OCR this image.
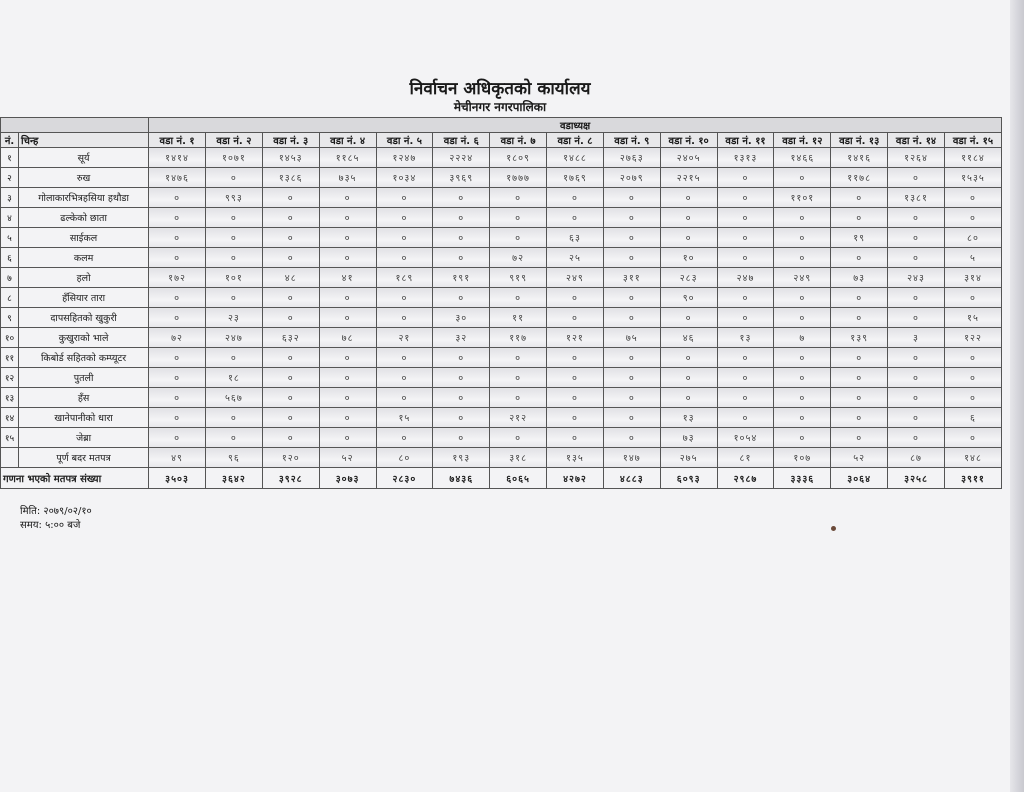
निर्वाचन अधिकृतको कार्यालय
मेचीनगर नगरपालिका
		वडाध्यक्ष														
नं.	चिन्ह	वडा नं. १	वडा नं. २	वडा नं. ३	वडा नं. ४	वडा नं. ५	वडा नं. ६	वडा नं. ७	वडा नं. ८	वडा नं. ९	वडा नं. १०	वडा नं. ११	वडा नं. १२	वडा नं. १३	वडा नं. १४	वडा नं. १५
१	सूर्य	१४१४	१०७१	१४५३	११८५	१२४७	२२२४	१८०९	१४८८	२७६३	२४०५	१३१३	१४६६	१४१६	१२६४	११८४
२	रुख	१४७६	०	१३८६	७३५	१०३४	३९६९	१७७७	१७६९	२०७९	२२१५	०	०	११७८	०	१५३५
३	गोलाकारभित्रहसिया हथौडा	०	९९३	०	०	०	०	०	०	०	०	०	११०१	०	१३८१	०
४	ढल्केको छाता	०	०	०	०	०	०	०	०	०	०	०	०	०	०	०
५	साईकल	०	०	०	०	०	०	०	६३	०	०	०	०	१९	०	८०
६	कलम	०	०	०	०	०	०	७२	२५	०	१०	०	०	०	०	५
७	हलो	१७२	१०१	४८	४१	१८९	१९१	९१९	२४९	३११	२८३	२४७	२४९	७३	२४३	३१४
८	हँसियार तारा	०	०	०	०	०	०	०	०	०	९०	०	०	०	०	०
९	दापसहितको खुकुरी	०	२३	०	०	०	३०	११	०	०	०	०	०	०	०	१५
१०	कुखुराको भाले	७२	२४७	६३२	७८	२१	३२	११७	१२१	७५	४६	१३	७	१३९	३	१२२
११	किबोर्ड सहितको कम्प्यूटर	०	०	०	०	०	०	०	०	०	०	०	०	०	०	०
१२	पुतली	०	१८	०	०	०	०	०	०	०	०	०	०	०	०	०
१३	हँस	०	५६७	०	०	०	०	०	०	०	०	०	०	०	०	०
१४	खानेपानीको धारा	०	०	०	०	१५	०	२१२	०	०	१३	०	०	०	०	६
१५	जेब्रा	०	०	०	०	०	०	०	०	०	७३	१०५४	०	०	०	०
	पूर्ण बदर मतपत्र	४९	९६	१२०	५२	८०	१९३	३१८	१३५	१४७	२७५	८१	१०७	५२	८७	१४८
गणना भएको मतपत्र संख्या		३५०३	३६४२	३९२८	३०७३	२८३०	७४३६	६०६५	४२७२	४८८३	६०९३	२९८७	३३३६	३०६४	३२५८	३९११
मिति: २०७९/०२/१०
समय: ५:०० बजे
